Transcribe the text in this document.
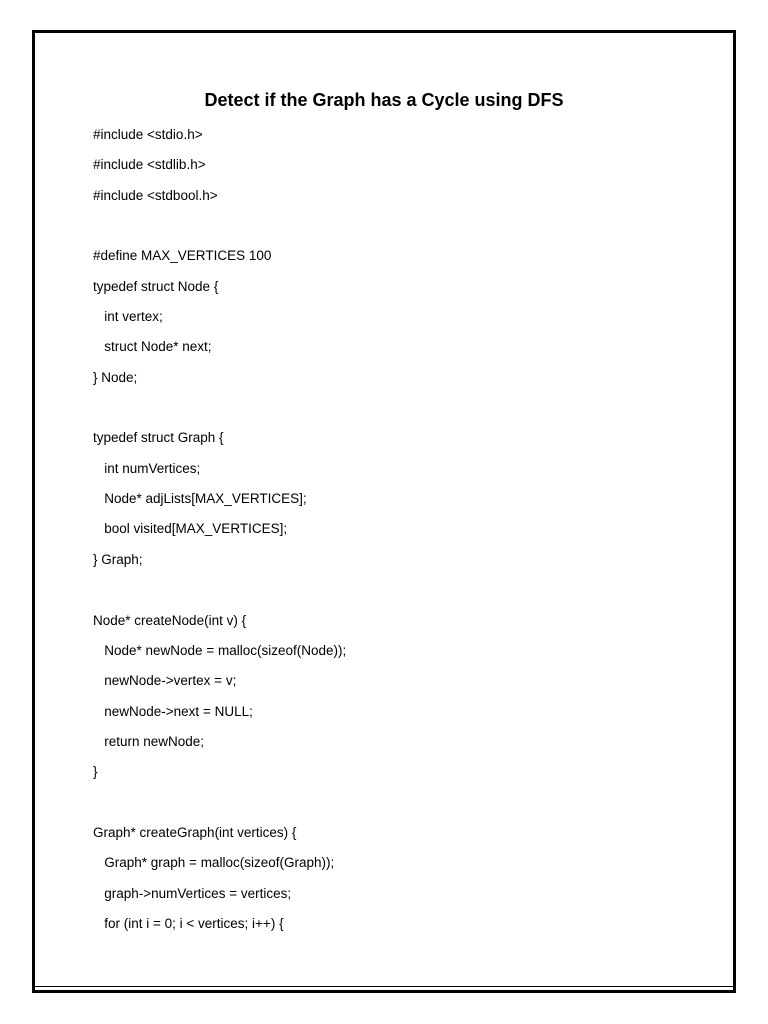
Detect if the Graph has a Cycle using DFS
#include <stdio.h>
#include <stdlib.h>
#include <stdbool.h>
#define MAX_VERTICES 100
typedef struct Node {
int vertex;
struct Node* next;
} Node;
typedef struct Graph {
int numVertices;
Node* adjLists[MAX_VERTICES];
bool visited[MAX_VERTICES];
} Graph;
Node* createNode(int v) {
Node* newNode = malloc(sizeof(Node));
newNode->vertex = v;
newNode->next = NULL;
return newNode;
}
Graph* createGraph(int vertices) {
Graph* graph = malloc(sizeof(Graph));
graph->numVertices = vertices;
for (int i = 0; i < vertices; i++) {
